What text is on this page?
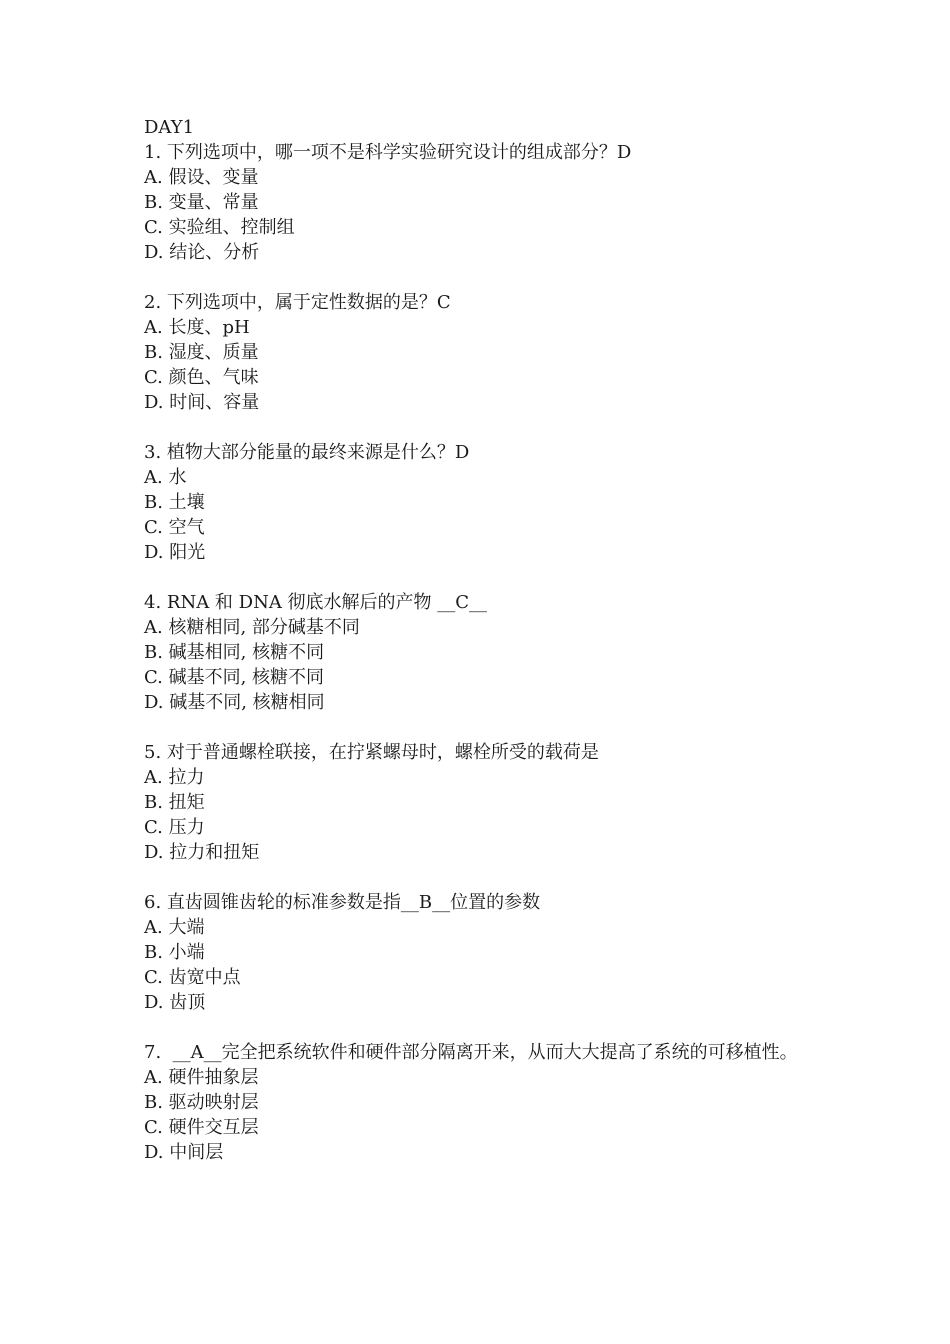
DAY1
1. 下列选项中，哪一项不是科学实验研究设计的组成部分？D
A. 假设、变量
B. 变量、常量
C. 实验组、控制组
D. 结论、分析
2. 下列选项中，属于定性数据的是？C
A. 长度、pH
B. 湿度、质量
C. 颜色、气味
D. 时间、容量
3. 植物大部分能量的最终来源是什么？D
A. 水
B. 土壤
C. 空气
D. 阳光
4. RNA 和 DNA 彻底水解后的产物 __C__
A. 核糖相同, 部分碱基不同
B. 碱基相同, 核糖不同
C. 碱基不同, 核糖不同
D. 碱基不同, 核糖相同
5. 对于普通螺栓联接，在拧紧螺母时，螺栓所受的载荷是
A. 拉力
B. 扭矩
C. 压力
D. 拉力和扭矩
6. 直齿圆锥齿轮的标准参数是指__B__位置的参数
A. 大端
B. 小端
C. 齿宽中点
D. 齿顶
7.  __A__完全把系统软件和硬件部分隔离开来，从而大大提高了系统的可移植性。
A. 硬件抽象层
B. 驱动映射层
C. 硬件交互层
D. 中间层
